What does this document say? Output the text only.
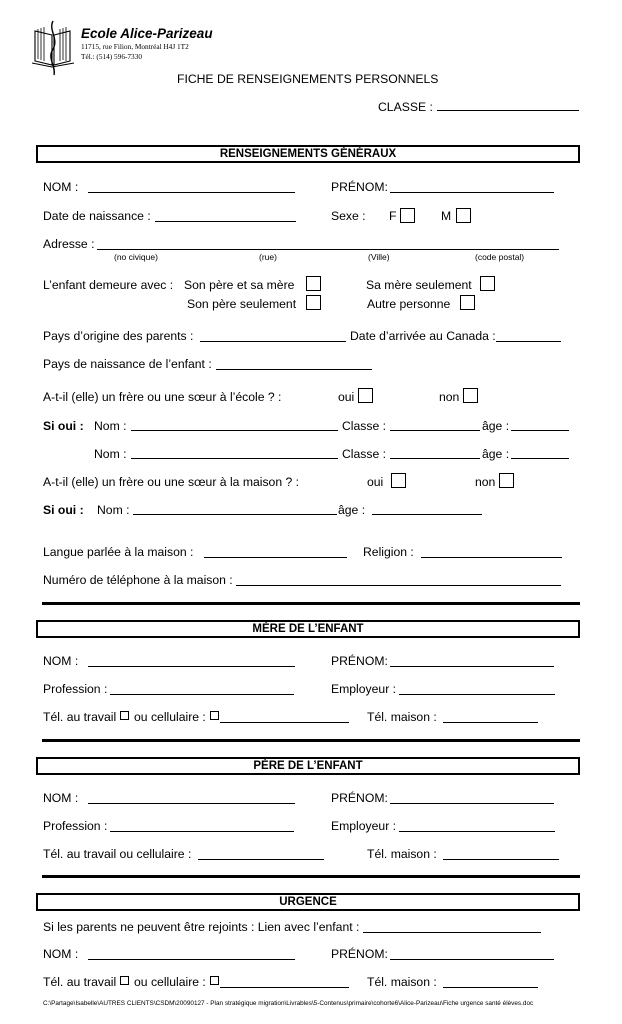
Ecole Alice-Parizeau
11715, rue Filion, Montréal H4J 1T2
Tél.: (514) 596-7330
FICHE DE RENSEIGNEMENTS PERSONNELS
CLASSE :
RENSEIGNEMENTS GÉNÉRAUX
NOM :	PRÉNOM:
Date de naissance :	Sexe : F	M
Adresse :
(no civique)	(rue)	(Ville)	(code postal)
L’enfant demeure avec : Son père et sa mère	Sa mère seulement
Son père seulement	Autre personne
Pays d’origine des parents :	Date d’arrivée au Canada :
Pays de naissance de l’enfant :
A-t-il (elle) un frère ou une sœur à l’école ? :	oui	non
Si oui : Nom :	Classe :	âge :
Nom :	Classe :	âge :
A-t-il (elle) un frère ou une sœur à la maison ? :	oui	non
Si oui : Nom :	âge :
Langue parlée à la maison :	Religion :
Numéro de téléphone à la maison :
MÈRE DE L’ENFANT
NOM :	PRÉNOM:
Profession :	Employeur :
Tél. au travail ou cellulaire :	Tél. maison :
PÈRE DE L’ENFANT
NOM :	PRÉNOM:
Profession :	Employeur :
Tél. au travail ou cellulaire :	Tél. maison :
URGENCE
Si les parents ne peuvent être rejoints : Lien avec l’enfant :
NOM :	PRÉNOM:
Tél. au travail ou cellulaire :	Tél. maison :
C:\Partage\Isabelle\AUTRES CLIENTS\CSDM\20090127 - Plan stratégique migration\Livrables\5-Contenus\primaire\cohorte6\Alice-Parizeau\Fiche urgence santé élèves.doc
